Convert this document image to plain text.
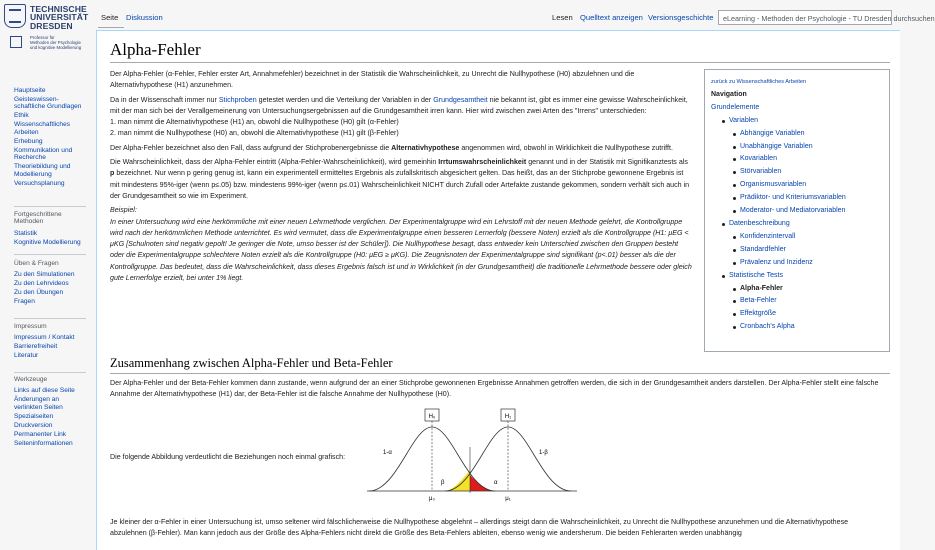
TECHNISCHE
UNIVERSITÄT
DRESDEN
Professur für
Methoden der Psychologie
und kognitive Modellierung
Hauptseite
Geisteswissen-schaftliche Grundlagen
Ethik
Wissenschaftliches Arbeiten
Erhebung
Kommunikation und Recherche
Theoriebildung und Modellierung
Versuchsplanung
Fortgeschrittene Methoden
Statistik
Kognitive Modellierung
Üben & Fragen
Zu den Simulationen
Zu den Lehrvideos
Zu den Übungen
Fragen
Impressum
Impressum / Kontakt
Barrierefreiheit
Literatur
Werkzeuge
Links auf diese Seite
Änderungen an verlinkten Seiten
Spezialseiten
Druckversion
Permanenter Link
Seiteninformationen
Seite Diskussion	Lesen Quelltext anzeigen Versionsgeschichte	eLearning - Methoden der Psychologie - TU Dresden durchsuchen
Alpha-Fehler

Der Alpha-Fehler (α-Fehler, Fehler erster Art, Annahmefehler) bezeichnet in der Statistik die Wahrscheinlichkeit, zu Unrecht die Nullhypothese (H0) abzulehnen und die Alternativhypothese (H1) anzunehmen.

Da in der Wissenschaft immer nur Stichproben getestet werden und die Verteilung der Variablen in der Grundgesamtheit nie bekannt ist, gibt es immer eine gewisse Wahrscheinlichkeit, mit der man sich bei der Verallgemeinerung von Untersuchungsergebnissen auf die Grundgesamtheit irren kann. Hier wird zwischen zwei Arten des "Irrens" unterschieden:
1. man nimmt die Alternativhypothese (H1) an, obwohl die Nullhypothese (H0) gilt (α-Fehler)
2. man nimmt die Nullhypothese (H0) an, obwohl die Alternativhypothese (H1) gilt (β-Fehler)

Der Alpha-Fehler bezeichnet also den Fall, dass aufgrund der Stichprobenergebnisse die Alternativhypothese angenommen wird, obwohl in Wirklichkeit die Nullhypothese zutrifft.

Die Wahrscheinlichkeit, dass der Alpha-Fehler eintritt (Alpha-Fehler-Wahrscheinlichkeit), wird gemeinhin Irrtumswahrscheinlichkeit genannt und in der Statistik mit Signifikanztests als p bezeichnet. Nur wenn p gering genug ist, kann ein experimentell ermitteltes Ergebnis als zufallskritisch abgesichert gelten. Das heißt, das an der Stichprobe gewonnene Ergebnis ist mit mindestens 95%-iger (wenn p≤.05) bzw. mindestens 99%-iger (wenn p≤.01) Wahrscheinlichkeit NICHT durch Zufall oder Artefakte zustande gekommen, sondern verhält sich auch in der Grundgesamtheit so wie im Experiment.

Beispiel:
In einer Untersuchung wird eine herkömmliche mit einer neuen Lehrmethode verglichen. Der Experimentalgruppe wird ein Lehrstoff mit der neuen Methode gelehrt, die Kontrollgruppe wird nach der herkömmlichen Methode unterrichtet. Es wird vermutet, dass die Experimentalgruppe einen besseren Lernerfolg (bessere Noten) erzielt als die Kontrollgruppe (H1: μEG < μKG [Schulnoten sind negativ gepolt! Je geringer die Note, umso besser ist der Schüler]). Die Nullhypothese besagt, dass entweder kein Unterschied zwischen den Gruppen besteht oder die Experimentalgruppe schlechtere Noten erzielt als die Kontrollgruppe (H0: μEG ≥ μKG). Die Zeugnisnoten der Experimentalgruppe sind signifikant (p<.01) besser als die der Kontrollgruppe. Das bedeutet, dass die Wahrscheinlichkeit, dass dieses Ergebnis falsch ist und in Wirklichkeit (in der Grundgesamtheit) die traditionelle Lehrmethode bessere oder gleich gute Lernerfolge erzielt, bei unter 1% liegt.

zurück zu Wissenschaftliches Arbeiten
Navigation
Grundelemente
Variablen
Abhängige Variablen
Unabhängige Variablen
Kovariablen
Störvariablen
Organismusvariablen
Prädiktor- und Kriteriumsvariablen
Moderator- und Mediatorvariablen
Datenbeschreibung
Konfidenzintervall
Standardfehler
Prävalenz und Inzidenz
Statistische Tests
Alpha-Fehler
Beta-Fehler
Effektgröße
Cronbach's Alpha
Zusammenhang zwischen Alpha-Fehler und Beta-Fehler
Der Alpha-Fehler und der Beta-Fehler kommen dann zustande, wenn aufgrund der an einer Stichprobe gewonnenen Ergebnisse Annahmen getroffen werden, die sich in der Grundgesamtheit anders darstellen. Der Alpha-Fehler stellt eine falsche Annahme der Alternativhypothese (H1) dar, der Beta-Fehler ist die falsche Annahme der Nullhypothese (H0).
Die folgende Abbildung verdeutlicht die Beziehungen noch einmal grafisch:
H₀	H₁
1-α	1-β
β	α
μ₀	μ₁
Je kleiner der α-Fehler in einer Untersuchung ist, umso seltener wird fälschlicherweise die Nullhypothese abgelehnt – allerdings steigt dann die Wahrscheinlichkeit, zu Unrecht die Nullhypothese anzunehmen und die Alternativhypothese abzulehnen (β-Fehler). Man kann jedoch aus der Größe des Alpha-Fehlers nicht direkt die Größe des Beta-Fehlers ableiten, ebenso wenig wie andersherum. Die beiden Fehlerarten werden unabhängig
